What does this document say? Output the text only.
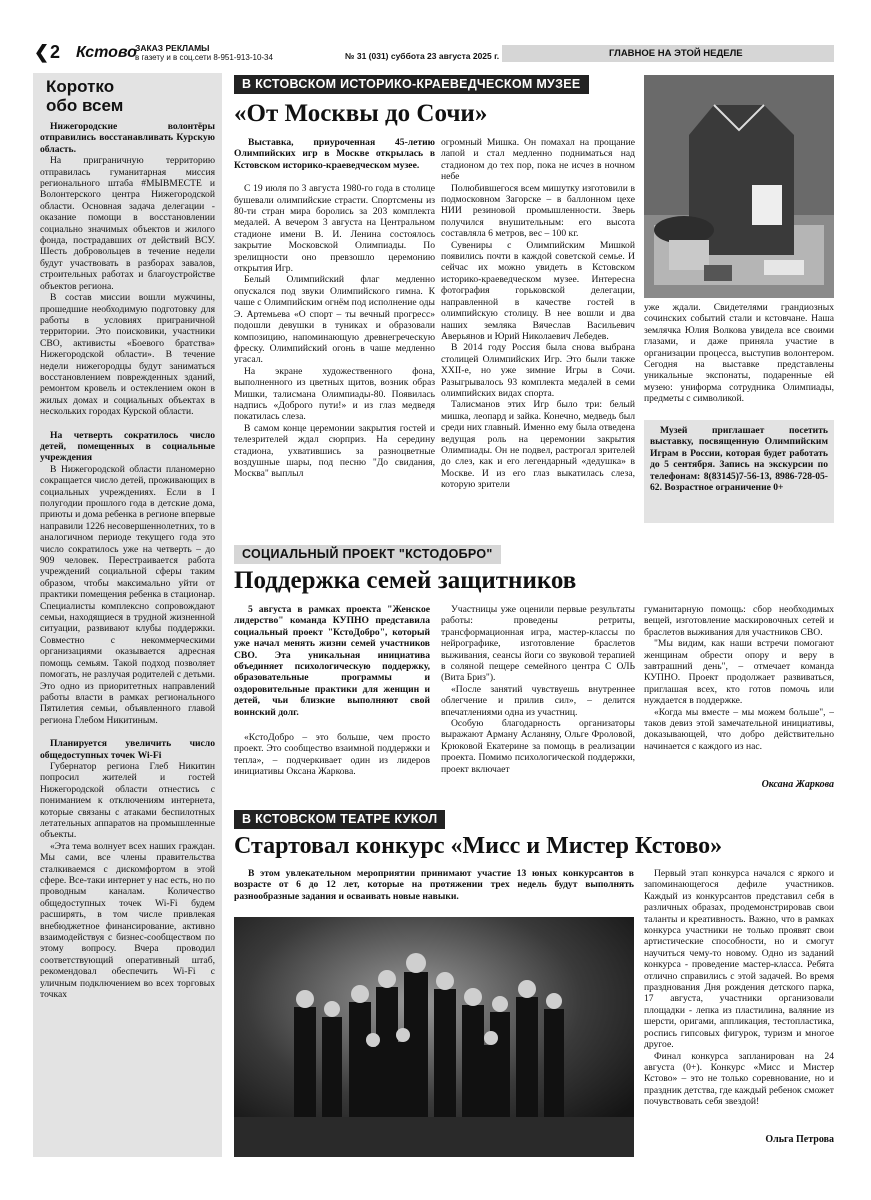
❮ 2 Кстово
ЗАКАЗ РЕКЛАМЫ
в газету и в соц.сети 8-951-913-10-34	№ 31 (031) суббота 23 августа 2025 г.	ГЛАВНОЕ НА ЭТОЙ НЕДЕЛЕ
Коротко
обо всем

Нижегородские волонтёры отправились восстанавливать Курскую область.

На приграничную территорию отправилась гуманитарная миссия регионального штаба #МЫВМЕСТЕ и Волонтерского центра Нижегородской области. Основная задача делегации - оказание помощи в восстановлении социально значимых объектов и жилого фонда, пострадавших от действий ВСУ. Шесть добровольцев в течение недели будут участвовать в разборах завалов, строительных работах и благоустройстве объектов региона.

В состав миссии вошли мужчины, прошедшие необходимую подготовку для работы в условиях приграничной территории. Это поисковики, участники СВО, активисты «Боевого братства» Нижегородской области». В течение недели нижегородцы будут заниматься восстановлением поврежденных зданий, ремонтом кровель и остеклением окон в жилых домах и социальных объектах в нескольких городах Курской области.

На четверть сократилось число детей, помещенных в социальные учреждения

В Нижегородской области планомерно сокращается число детей, проживающих в социальных учреждениях. Если в I полугодии прошлого года в детские дома, приюты и дома ребенка в регионе впервые направили 1226 несовершеннолетних, то в аналогичном периоде текущего года это число сократилось уже на четверть – до 909 человек. Перестраивается работа учреждений социальной сферы таким образом, чтобы максимально уйти от практики помещения ребенка в стационар. Специалисты комплексно сопровождают семьи, находящиеся в трудной жизненной ситуации, развивают клубы поддержки. Совместно с некоммерческими организациями оказывается адресная помощь семьям. Такой подход позволяет помогать, не разлучая родителей с детьми. Это одно из приоритетных направлений работы власти в рамках регионального Пятилетия семьи, объявленного главой региона Глебом Никитиным.

Планируется увеличить число общедоступных точек Wi-Fi

Губернатор региона Глеб Никитин попросил жителей и гостей Нижегородской области отнестись с пониманием к отключениям интернета, которые связаны с атаками беспилотных летательных аппаратов на промышленные объекты.

«Эта тема волнует всех наших граждан. Мы сами, все члены правительства сталкиваемся с дискомфортом в этой сфере. Все-таки интернет у нас есть, но по проводным каналам. Количество общедоступных точек Wi-Fi будем расширять, в том числе привлекая внебюджетное финансирование, активно взаимодействуя с бизнес-сообществом по этому вопросу. Вчера проводил соответствующий оперативный штаб, рекомендовал обеспечить Wi-Fi с уличным подключением во всех торговых точках

В КСТОВСКОМ ИСТОРИКО-КРАЕВЕДЧЕСКОМ МУЗЕЕ
«От Москвы до Сочи»

Выставка, приуроченная 45-летию Олимпийских игр в Москве открылась в Кстовском историко-краеведческом музее.

С 19 июля по 3 августа 1980-го года в столице бушевали олимпийские страсти. Спортсмены из 80-ти стран мира боролись за 203 комплекта медалей. А вечером 3 августа на Центральном стадионе имени В. И. Ленина состоялось закрытие Московской Олимпиады. По зрелищности оно превзошло церемонию открытия Игр.

Белый Олимпийский флаг медленно опускался под звуки Олимпийского гимна. К чаше с Олимпийским огнём под исполнение оды Э. Артемьева «О спорт – ты вечный прогресс» подошли девушки в туниках и образовали композицию, напоминающую древнегреческую фреску. Олимпийский огонь в чаше медленно угасал.

На экране художественного фона, выполненного из цветных щитов, возник образ Мишки, талисмана Олимпиады-80. Появилась надпись «Доброго пути!» и из глаз медведя покатилась слеза.

В самом конце церемонии закрытия гостей и телезрителей ждал сюрприз. На середину стадиона, ухватившись за разноцветные воздушные шары, под песню "До свидания, Москва" выплыл

огромный Мишка. Он помахал на прощание лапой и стал медленно подниматься над стадионом до тех пор, пока не исчез в ночном небе

Полюбившегося всем мишутку изготовили в подмосковном Загорске – в баллонном цехе НИИ резиновой промышленности. Зверь получился внушительным: его высота составляла 6 метров, вес – 100 кг.

Сувениры с Олимпийским Мишкой появились почти в каждой советской семье. И сейчас их можно увидеть в Кстовском историко-краеведческом музее. Интересна фотография горьковской делегации, направленной в качестве гостей в олимпийскую столицу. В нее вошли и два наших земляка Вячеслав Васильевич Аверьянов и Юрий Николаевич Лебедев.

В 2014 году Россия была снова выбрана столицей Олимпийских Игр. Это были также XXII-е, но уже зимние Игры в Сочи. Разыгрывалось 93 комплекта медалей в семи олимпийских видах спорта.

Талисманов этих Игр было три: белый мишка, леопард и зайка. Конечно, медведь был среди них главный. Именно ему была отведена ведущая роль на церемонии закрытия Олимпиады. Он не подвел, растрогал зрителей до слез, как и его легендарный «дедушка» в Москве. И из его глаз выкатилась слеза, которую зрители

уже ждали. Свидетелями грандиозных сочинских событий стали и кстовчане. Наша землячка Юлия Волкова увидела все своими глазами, и даже приняла участие в организации процесса, выступив волонтером. Сегодня на выставке представлены уникальные экспонаты, подаренные ей музею: униформа сотрудника Олимпиады, предметы с символикой.

Музей приглашает посетить выставку, посвященную Олимпийским Играм в России, которая будет работать до 5 сентября. Запись на экскурсии по телефонам: 8(83145)7-56-13, 8986-728-05-62. Возрастное ограничение 0+

СОЦИАЛЬНЫЙ ПРОЕКТ "КСТОДОБРО"
Поддержка семей защитников

5 августа в рамках проекта "Женское лидерство" команда КУПНО представила социальный проект "КстоДобро", который уже начал менять жизни семей участников СВО. Эта уникальная инициатива объединяет психологическую поддержку, образовательные программы и оздоровительные практики для женщин и детей, чьи близкие выполняют свой воинский долг.

«КстоДобро – это больше, чем просто проект. Это сообщество взаимной поддержки и тепла», – подчеркивает один из лидеров инициативы Оксана Жаркова.

Участницы уже оценили первые результаты работы: проведены ретриты, трансформационная игра, мастер-классы по нейрографике, изготовление браслетов выживания, сеансы йоги со звуковой терапией в соляной пещере семейного центра С ОЛЬ (Вита Бриз").

«После занятий чувствуешь внутреннее облегчение и прилив сил», – делится впечатлениями одна из участниц.

Особую благодарность организаторы выражают Арману Асланяну, Ольге Фроловой, Крюковой Екатерине за помощь в реализации проекта. Помимо психологической поддержки, проект включает

гуманитарную помощь: сбор необходимых вещей, изготовление маскировочных сетей и браслетов выживания для участников СВО.

"Мы видим, как наши встречи помогают женщинам обрести опору и веру в завтрашний день", – отмечает команда КУПНО. Проект продолжает развиваться, приглашая всех, кто готов помочь или нуждается в поддержке.

«Когда мы вместе – мы можем больше", – таков девиз этой замечательной инициативы, доказывающей, что добро действительно начинается с каждого из нас.

Оксана Жаркова
В КСТОВСКОМ ТЕАТРЕ КУКОЛ
Стартовал конкурс «Мисс и Мистер Кстово»

В этом увлекательном мероприятии принимают участие 13 юных конкурсантов в возрасте от 6 до 12 лет, которые на протяжении трех недель будут выполнять разнообразные задания и осваивать новые навыки.

Первый этап конкурса начался с яркого и запоминающегося дефиле участников. Каждый из конкурсантов представил себя в различных образах, продемонстрировав свои таланты и креативность. Важно, что в рамках конкурса участники не только проявят свои артистические способности, но и смогут научиться чему-то новому. Одно из заданий конкурса - проведение мастер-класса. Ребята отлично справились с этой задачей. Во время празднования Дня рождения детского парка, 17 августа, участники организовали площадки - лепка из пластилина, валяние из шерсти, оригами, аппликация, тестопластика, роспись гипсовых фигурок, туризм и многое другое.

Финал конкурса запланирован на 24 августа (0+). Конкурс «Мисс и Мистер Кстово» – это не только соревнование, но и праздник детства, где каждый ребенок сможет почувствовать себя звездой!

Ольга Петрова
